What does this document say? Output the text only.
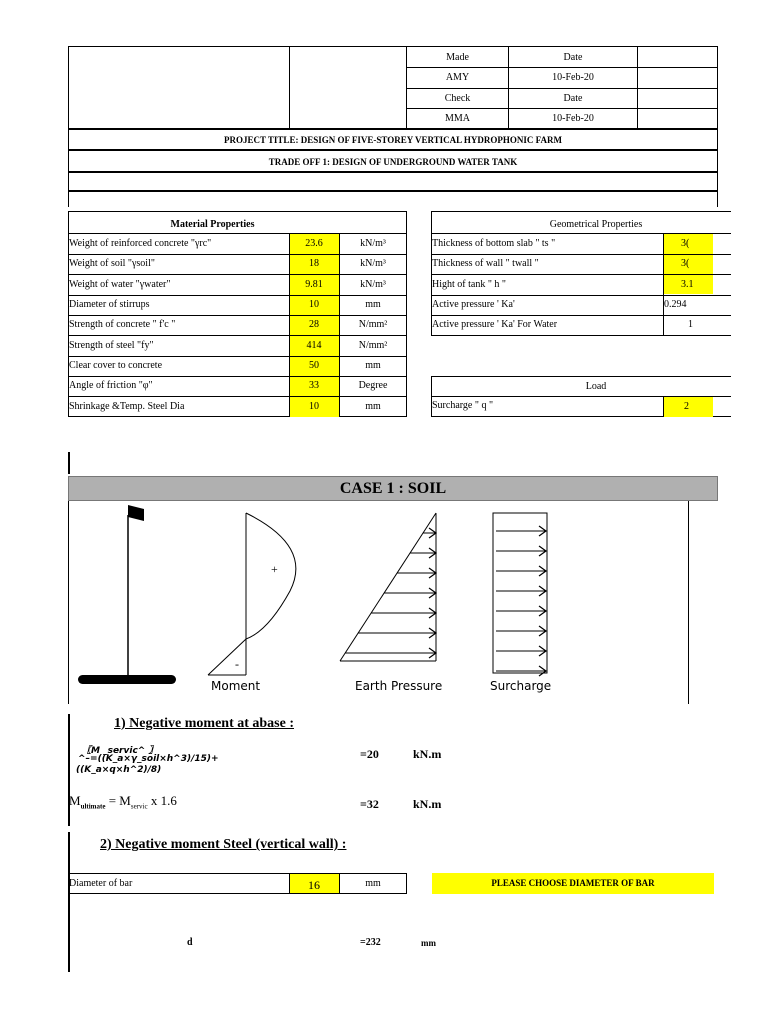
Made	Date
AMY	10-Feb-20
Check	Date
MMA	10-Feb-20
PROJECT TITLE: DESIGN OF FIVE-STOREY VERTICAL HYDROPHONIC FARM
TRADE OFF 1: DESIGN OF UNDERGROUND WATER TANK
Material Properties
Weight of reinforced concrete "γrc"	23.6	kN/m³
Weight of soil "γsoil"	18	kN/m³
Weight of water "γwater"	9.81	kN/m³
Diameter of stirrups	10	mm
Strength of concrete " f'c "	28	N/mm²
Strength of steel "fy"	414	N/mm²
Clear cover to concrete	50	mm
Angle of friction "φ"	33	Degree
Shrinkage &Temp. Steel Dia	10	mm
Geometrical Properties
Thickness of bottom slab " ts "	3(
Thickness of wall " twall "	3(
Hight of tank " h "	3.1
Active pressure ' Ka'	0.294
Active pressure ' Ka' For Water	1
Load
Surcharge " q "	2
CASE 1 : SOIL
+
-
Moment	Earth Pressure	Surcharge
1) Negative moment at abase :
〖M _servic^ 〗
^–=((K_a×γ_soil×h^3)/15)+
((K_a×q×h^2)/8)
=20	kN.m
$M_{ultimate} = M_{servic}$ x 1.6	=32	kN.m
2) Negative moment Steel (vertical wall) :
Diameter of bar	16	mm	PLEASE CHOOSE DIAMETER OF BAR
d	=232	mm
